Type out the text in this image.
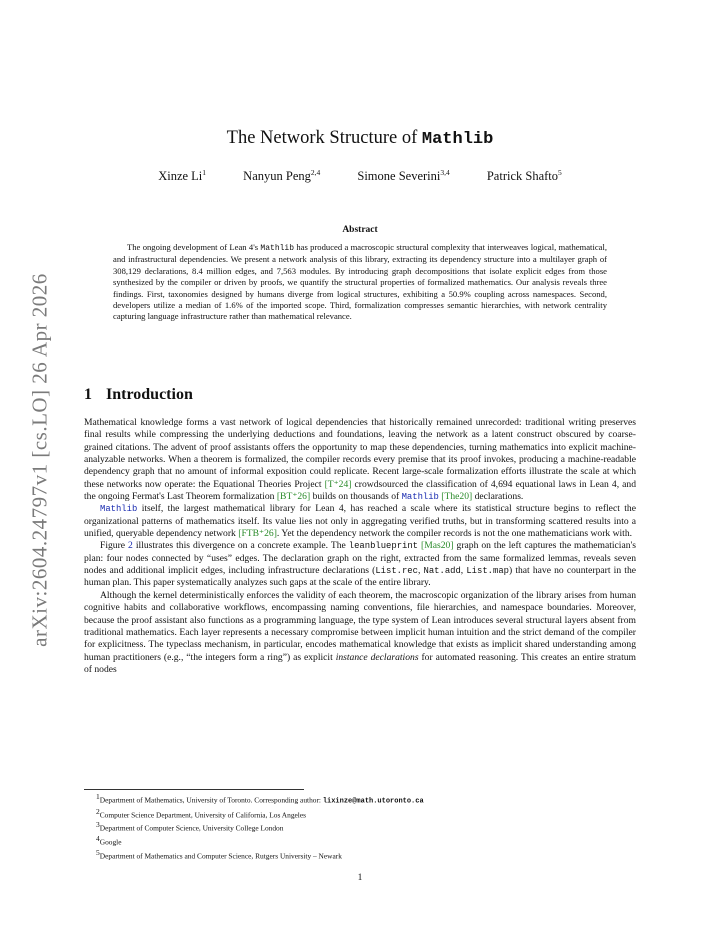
arXiv:2604.24797v1 [cs.LO] 26 Apr 2026
The Network Structure of Mathlib
Xinze Li$^1$	Nanyun Peng$^{2,4}$	Simone Severini$^{3,4}$	Patrick Shafto$^5$
Abstract

The ongoing development of Lean 4's Mathlib has produced a macroscopic structural complexity that interweaves logical, mathematical, and infrastructural dependencies. We present a network analysis of this library, extracting its dependency structure into a multilayer graph of 308,129 declarations, 8.4 million edges, and 7,563 modules. By introducing graph decompositions that isolate explicit edges from those synthesized by the compiler or driven by proofs, we quantify the structural properties of formalized mathematics. Our analysis reveals three findings. First, taxonomies designed by humans diverge from logical structures, exhibiting a 50.9% coupling across namespaces. Second, developers utilize a median of 1.6% of the imported scope. Third, formalization compresses semantic hierarchies, with network centrality capturing language infrastructure rather than mathematical relevance.

1 Introduction

Mathematical knowledge forms a vast network of logical dependencies that historically remained unrecorded: traditional writing preserves final results while compressing the underlying deductions and foundations, leaving the network as a latent construct obscured by coarse-grained citations. The advent of proof assistants offers the opportunity to map these dependencies, turning mathematics into explicit machine-analyzable networks. When a theorem is formalized, the compiler records every premise that its proof invokes, producing a machine-readable dependency graph that no amount of informal exposition could replicate. Recent large-scale formalization efforts illustrate the scale at which these networks now operate: the Equational Theories Project [T⁺24] crowdsourced the classification of 4,694 equational laws in Lean 4, and the ongoing Fermat's Last Theorem formalization [BT⁺26] builds on thousands of Mathlib [The20] declarations.

Mathlib itself, the largest mathematical library for Lean 4, has reached a scale where its statistical structure begins to reflect the organizational patterns of mathematics itself. Its value lies not only in aggregating verified truths, but in transforming scattered results into a unified, queryable dependency network [FTB⁺26]. Yet the dependency network the compiler records is not the one mathematicians work with.

Figure 2 illustrates this divergence on a concrete example. The leanblueprint [Mas20] graph on the left captures the mathematician's plan: four nodes connected by “uses” edges. The declaration graph on the right, extracted from the same formalized lemmas, reveals seven nodes and additional implicit edges, including infrastructure declarations (List.rec, Nat.add, List.map) that have no counterpart in the human plan. This paper systematically analyzes such gaps at the scale of the entire library.

Although the kernel deterministically enforces the validity of each theorem, the macroscopic organization of the library arises from human cognitive habits and collaborative workflows, encompassing naming conventions, file hierarchies, and namespace boundaries. Moreover, because the proof assistant also functions as a programming language, the type system of Lean introduces several structural layers absent from traditional mathematics. Each layer represents a necessary compromise between implicit human intuition and the strict demand of the compiler for explicitness. The typeclass mechanism, in particular, encodes mathematical knowledge that exists as implicit shared understanding among human practitioners (e.g., “the integers form a ring”) as explicit instance declarations for automated reasoning. This creates an entire stratum of nodes

$^1$Department of Mathematics, University of Toronto. Corresponding author: lixinze@math.utoronto.ca
$^2$Computer Science Department, University of California, Los Angeles
$^3$Department of Computer Science, University College London
$^4$Google
$^5$Department of Mathematics and Computer Science, Rutgers University – Newark
1
